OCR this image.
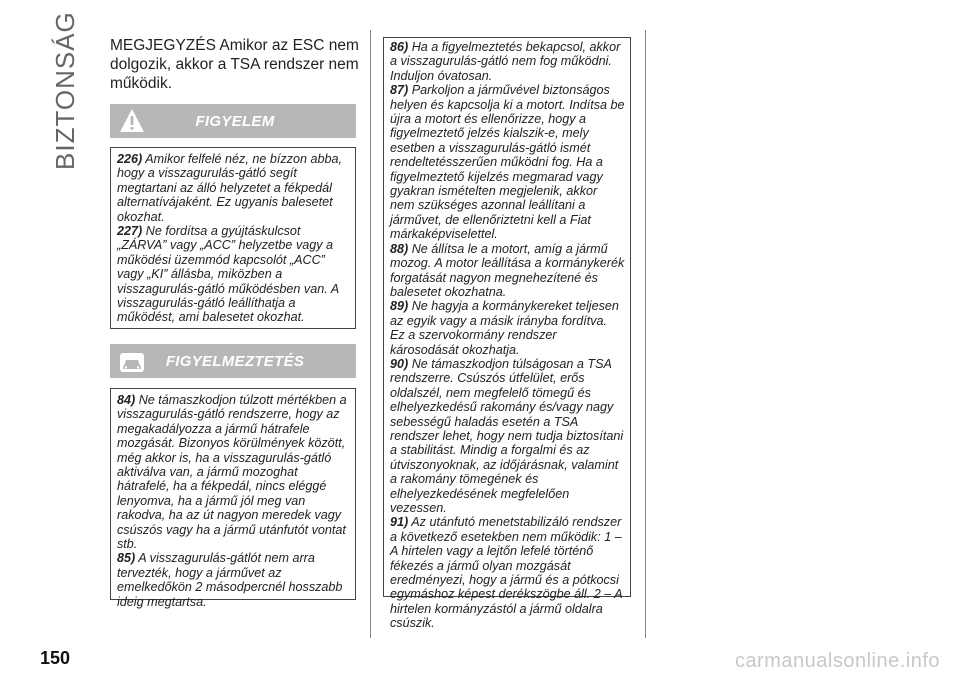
BIZTONSÁG MEGJEGYZÉS Amikor az ESC nem dolgozik, akkor a TSA rendszer nem működik.
FIGYELEM

226) Amikor felfelé néz, ne bízzon abba, hogy a visszagurulás-gátló segít megtartani az álló helyzetet a fékpedál alternatívájaként. Ez ugyanis balesetet okozhat.

227) Ne fordítsa a gyújtáskulcsot „ZÁRVA” vagy „ACC” helyzetbe vagy a működési üzemmód kapcsolót „ACC” vagy „KI” állásba, miközben a visszagurulás-gátló működésben van. A visszagurulás-gátló leállíthatja a működést, ami balesetet okozhat.

FIGYELMEZTETÉS

84) Ne támaszkodjon túlzott mértékben a visszagurulás-gátló rendszerre, hogy az megakadályozza a jármű hátrafele mozgását. Bizonyos körülmények között, még akkor is, ha a visszagurulás-gátló aktiválva van, a jármű mozoghat hátrafelé, ha a fékpedál, nincs eléggé lenyomva, ha a jármű jól meg van rakodva, ha az út nagyon meredek vagy csúszós vagy ha a jármű utánfutót vontat stb.

85) A visszagurulás-gátlót nem arra tervezték, hogy a járművet az emelkedőkön 2 másodpercnél hosszabb ideig megtartsa.

86) Ha a figyelmeztetés bekapcsol, akkor a visszagurulás-gátló nem fog működni. Induljon óvatosan.

87) Parkoljon a járművével biztonságos helyen és kapcsolja ki a motort. Indítsa be újra a motort és ellenőrizze, hogy a figyelmeztető jelzés kialszik-e, mely esetben a visszagurulás-gátló ismét rendeltetésszerűen működni fog. Ha a figyelmeztető kijelzés megmarad vagy gyakran ismételten megjelenik, akkor nem szükséges azonnal leállítani a járművet, de ellenőriztetni kell a Fiat márkaképviselettel.

88) Ne állítsa le a motort, amíg a jármű mozog. A motor leállítása a kormánykerék forgatását nagyon megnehezítené és balesetet okozhatna.

89) Ne hagyja a kormánykereket teljesen az egyik vagy a másik irányba fordítva. Ez a szervokormány rendszer károsodását okozhatja.

90) Ne támaszkodjon túlságosan a TSA rendszerre. Csúszós útfelület, erős oldalszél, nem megfelelő tömegű és elhelyezkedésű rakomány és/vagy nagy sebességű haladás esetén a TSA rendszer lehet, hogy nem tudja biztosítani a stabilitást. Mindig a forgalmi és az útviszonyoknak, az időjárásnak, valamint a rakomány tömegének és elhelyezkedésének megfelelően vezessen.

91) Az utánfutó menetstabilizáló rendszer a következő esetekben nem működik: 1 – A hirtelen vagy a lejtőn lefelé történő fékezés a jármű olyan mozgását eredményezi, hogy a jármű és a pótkocsi egymáshoz képest derékszögbe áll. 2 – A hirtelen kormányzástól a jármű oldalra csúszik.

150	carmanualsonline.info
